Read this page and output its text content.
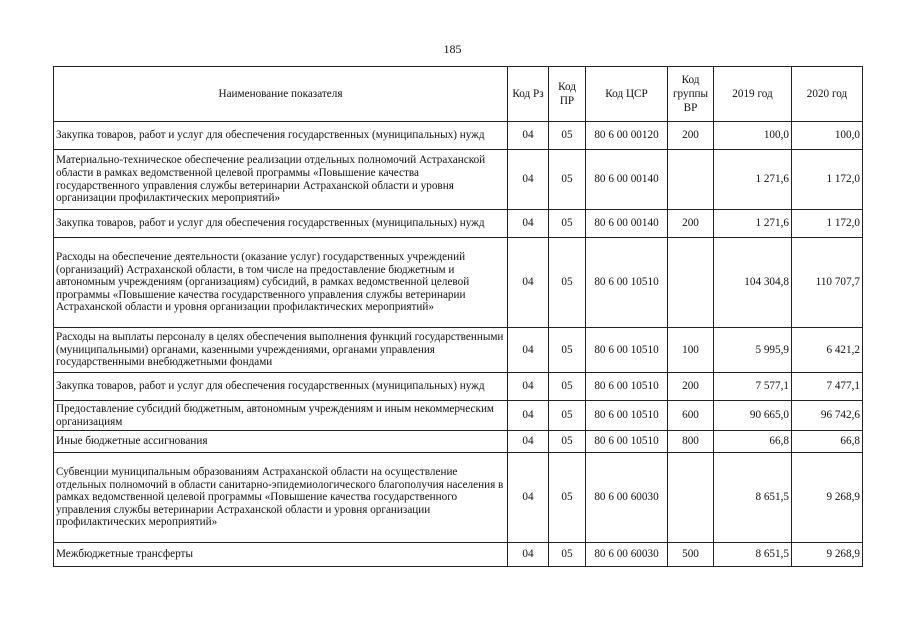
185
Наименование показателя	Код Рз	Код ПР	Код ЦСР	Код группы ВР	2019 год	2020 год
Закупка товаров, работ и услуг для обеспечения государственных (муниципальных) нужд	04	05	80 6 00 00120	200	100,0	100,0
Материально-техническое обеспечение реализации отдельных полномочий Астраханской области в рамках ведомственной целевой программы «Повышение качества государственного управления службы ветеринарии Астраханской области и уровня организации профилактических мероприятий»	04	05	80 6 00 00140		1 271,6	1 172,0
Закупка товаров, работ и услуг для обеспечения государственных (муниципальных) нужд	04	05	80 6 00 00140	200	1 271,6	1 172,0
Расходы на обеспечение деятельности (оказание услуг) государственных учреждений (организаций) Астраханской области, в том числе на предоставление бюджетным и автономным учреждениям (организациям) субсидий, в рамках ведомственной целевой программы «Повышение качества государственного управления службы ветеринарии Астраханской области и уровня организации профилактических мероприятий»	04	05	80 6 00 10510		104 304,8	110 707,7
Расходы на выплаты персоналу в целях обеспечения выполнения функций государственными (муниципальными) органами, казенными учреждениями, органами управления государственными внебюджетными фондами	04	05	80 6 00 10510	100	5 995,9	6 421,2
Закупка товаров, работ и услуг для обеспечения государственных (муниципальных) нужд	04	05	80 6 00 10510	200	7 577,1	7 477,1
Предоставление субсидий бюджетным, автономным учреждениям и иным некоммерческим организациям	04	05	80 6 00 10510	600	90 665,0	96 742,6
Иные бюджетные ассигнования	04	05	80 6 00 10510	800	66,8	66,8
Субвенции муниципальным образованиям Астраханской области на осуществление отдельных полномочий в области санитарно-эпидемиологического благополучия населения в рамках ведомственной целевой программы «Повышение качества государственного управления службы ветеринарии Астраханской области и уровня организации профилактических мероприятий»	04	05	80 6 00 60030		8 651,5	9 268,9
Межбюджетные трансферты	04	05	80 6 00 60030	500	8 651,5	9 268,9
